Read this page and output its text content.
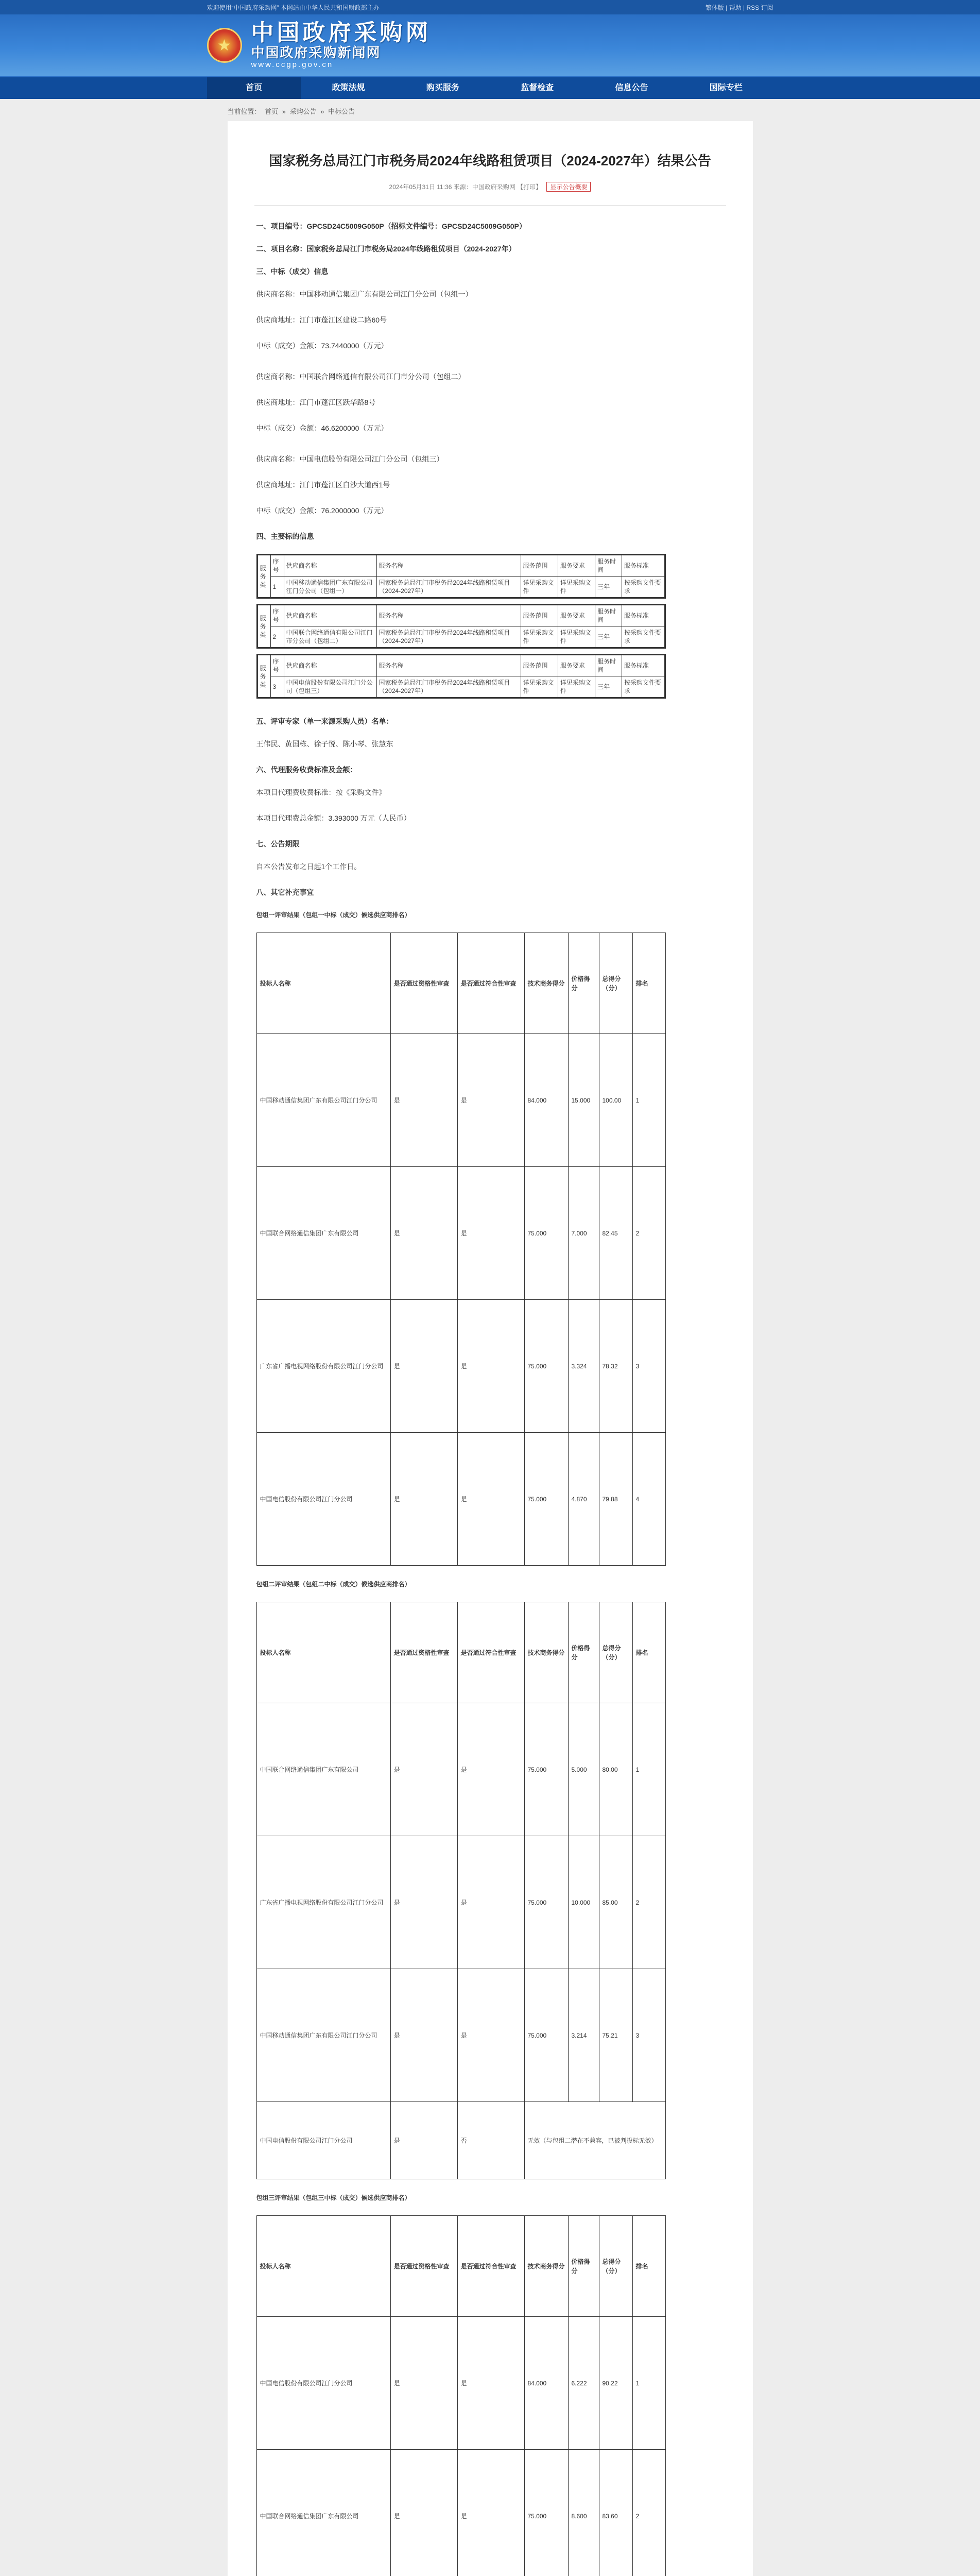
欢迎使用“中国政府采购网” 本网站由中华人民共和国财政部主办	繁体版 | 帮助 | RSS 订阅
★ 中国政府采购网
中国政府采购新闻网
www.ccgp.gov.cn
首页	政策法规	购买服务	监督检查	信息公告	国际专栏
当前位置： 首页 » 采购公告 » 中标公告
国家税务总局江门市税务局2024年线路租赁项目（2024-2027年）结果公告
2024年05月31日 11:36 来源：中国政府采购网 【打印】 显示公告概要

一、项目编号：GPCSD24C5009G050P（招标文件编号：GPCSD24C5009G050P）

二、项目名称：国家税务总局江门市税务局2024年线路租赁项目（2024-2027年）

三、中标（成交）信息

供应商名称：中国移动通信集团广东有限公司江门分公司（包组一）

供应商地址：江门市蓬江区建设二路60号

中标（成交）金额：73.7440000（万元）

供应商名称：中国联合网络通信有限公司江门市分公司（包组二）

供应商地址：江门市蓬江区跃华路8号

中标（成交）金额：46.6200000（万元）

供应商名称：中国电信股份有限公司江门分公司（包组三）

供应商地址：江门市蓬江区白沙大道西1号

中标（成交）金额：76.2000000（万元）

四、主要标的信息

服务类	序号	供应商名称	服务名称	服务范围	服务要求	服务时间	服务标准
	1	中国移动通信集团广东有限公司江门分公司（包组一）	国家税务总局江门市税务局2024年线路租赁项目（2024-2027年）	详见采购文件	详见采购文件	三年	按采购文件要求
服务类	序号	供应商名称	服务名称	服务范围	服务要求	服务时间	服务标准
	2	中国联合网络通信有限公司江门市分公司（包组二）	国家税务总局江门市税务局2024年线路租赁项目（2024-2027年）	详见采购文件	详见采购文件	三年	按采购文件要求
服务类	序号	供应商名称	服务名称	服务范围	服务要求	服务时间	服务标准
	3	中国电信股份有限公司江门分公司（包组三）	国家税务总局江门市税务局2024年线路租赁项目（2024-2027年）	详见采购文件	详见采购文件	三年	按采购文件要求

五、评审专家（单一来源采购人员）名单：

王伟民、黄国栋、徐子悦、陈小琴、张慧东

六、代理服务收费标准及金额：

本项目代理费收费标准：按《采购文件》

本项目代理费总金额：3.393000 万元（人民币）

七、公告期限

自本公告发布之日起1个工作日。

八、其它补充事宜

包组一评审结果（包组一中标（成交）候选供应商排名）

投标人名称	是否通过资格性审查	是否通过符合性审查	技术商务得分	价格得分	总得分（分）	排名
中国移动通信集团广东有限公司江门分公司	是	是	84.000	15.000	100.00	1
中国联合网络通信集团广东有限公司	是	是	75.000	7.000	82.45	2
广东省广播电视网络股份有限公司江门分公司	是	是	75.000	3.324	78.32	3
中国电信股份有限公司江门分公司	是	是	75.000	4.870	79.88	4

包组二评审结果（包组二中标（成交）候选供应商排名）

投标人名称	是否通过资格性审查	是否通过符合性审查	技术商务得分	价格得分	总得分（分）	排名
中国联合网络通信集团广东有限公司	是	是	75.000	5.000	80.00	1
广东省广播电视网络股份有限公司江门分公司	是	是	75.000	10.000	85.00	2
中国移动通信集团广东有限公司江门分公司	是	是	75.000	3.214	75.21	3
中国电信股份有限公司江门分公司	是	否	无效（与包组二潜在不兼容，已被判投标无效）			

包组三评审结果（包组三中标（成交）候选供应商排名）

投标人名称	是否通过资格性审查	是否通过符合性审查	技术商务得分	价格得分	总得分（分）	排名
中国电信股份有限公司江门分公司	是	是	84.000	6.222	90.22	1
中国联合网络通信集团广东有限公司	是	是	75.000	8.600	83.60	2
